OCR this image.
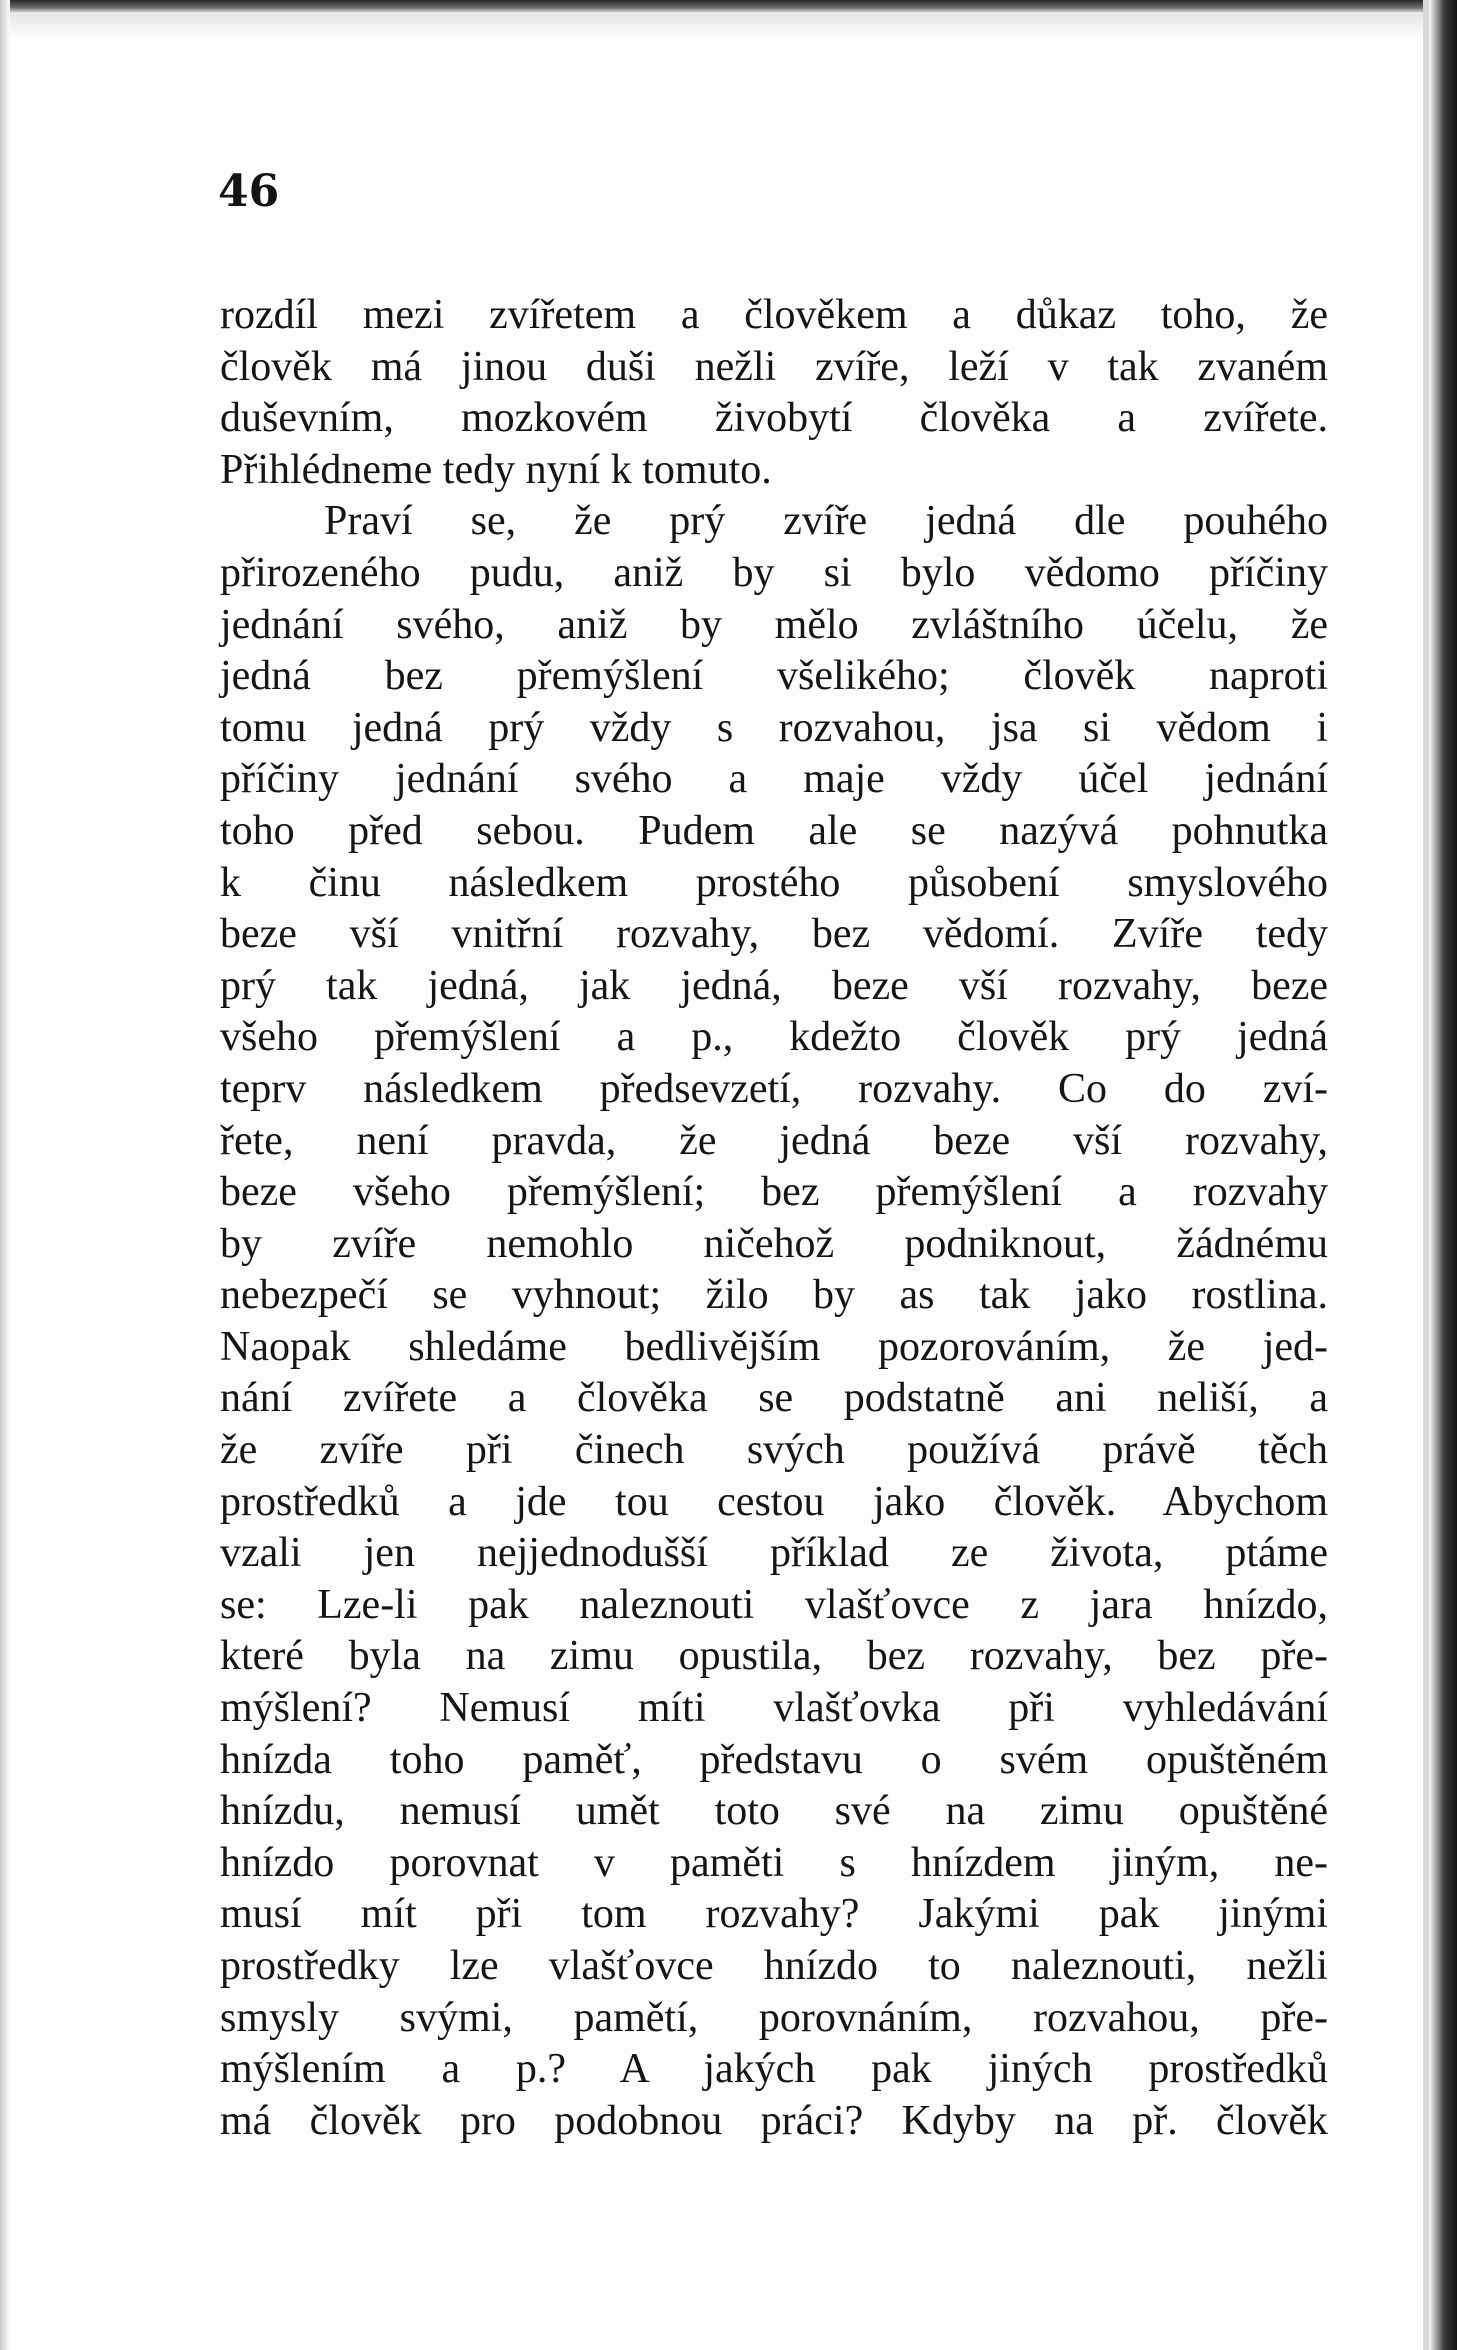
46

rozdíl mezi zvířetem a člověkem a důkaz toho, že
člověk má jinou duši nežli zvíře, leží v tak zvaném
duševním, mozkovém živobytí člověka a zvířete.
Přihlédneme tedy nyní k tomuto.
Praví se, že prý zvíře jedná dle pouhého
přirozeného pudu, aniž by si bylo vědomo příčiny
jednání svého, aniž by mělo zvláštního účelu, že
jedná bez přemýšlení všelikého; člověk naproti
tomu jedná prý vždy s rozvahou, jsa si vědom i
příčiny jednání svého a maje vždy účel jednání
toho před sebou. Pudem ale se nazývá pohnutka
k činu následkem prostého působení smyslového
beze vší vnitřní rozvahy, bez vědomí. Zvíře tedy
prý tak jedná, jak jedná, beze vší rozvahy, beze
všeho přemýšlení a p., kdežto člověk prý jedná
teprv následkem předsevzetí, rozvahy. Co do zví-
řete, není pravda, že jedná beze vší rozvahy,
beze všeho přemýšlení; bez přemýšlení a rozvahy
by zvíře nemohlo ničehož podniknout, žádnému
nebezpečí se vyhnout; žilo by as tak jako rostlina.
Naopak shledáme bedlivějším pozorováním, že jed-
nání zvířete a člověka se podstatně ani neliší, a
že zvíře při činech svých používá právě těch
prostředků a jde tou cestou jako člověk. Abychom
vzali jen nejjednodušší příklad ze života, ptáme
se: Lze-li pak naleznouti vlašťovce z jara hnízdo,
které byla na zimu opustila, bez rozvahy, bez pře-
mýšlení? Nemusí míti vlašťovka při vyhledávání
hnízda toho paměť, představu o svém opuštěném
hnízdu, nemusí umět toto své na zimu opuštěné
hnízdo porovnat v paměti s hnízdem jiným, ne-
musí mít při tom rozvahy? Jakými pak jinými
prostředky lze vlašťovce hnízdo to naleznouti, nežli
smysly svými, pamětí, porovnáním, rozvahou, pře-
mýšlením a p.? A jakých pak jiných prostředků
má člověk pro podobnou práci? Kdyby na př. člověk
